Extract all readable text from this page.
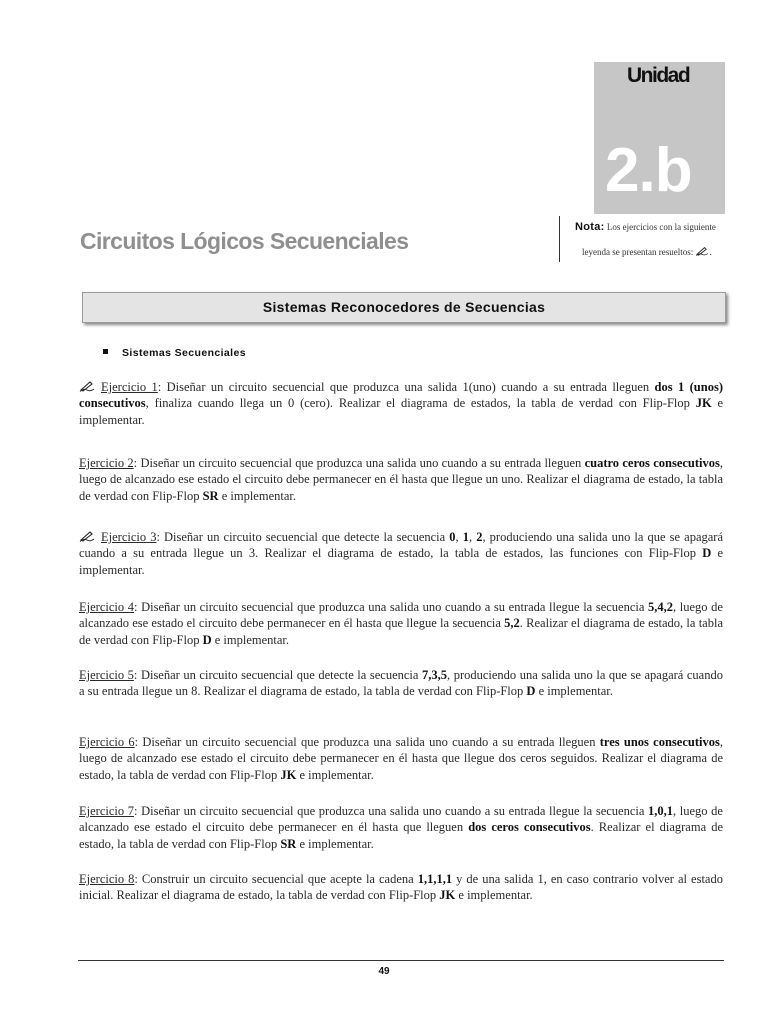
Unidad
2.b
Circuitos Lógicos Secuenciales
Nota: Los ejercicios con la siguiente
leyenda se presentan resueltos: .
Sistemas Reconocedores de Secuencias
Sistemas Secuenciales
Ejercicio 1: Diseñar un circuito secuencial que produzca una salida 1(uno) cuando a su entrada lleguen dos 1 (unos) consecutivos, finaliza cuando llega un 0 (cero). Realizar el diagrama de estados, la tabla de verdad con Flip-Flop JK e implementar.
Ejercicio 2: Diseñar un circuito secuencial que produzca una salida uno cuando a su entrada lleguen cuatro ceros consecutivos, luego de alcanzado ese estado el circuito debe permanecer en él hasta que llegue un uno. Realizar el diagrama de estado, la tabla de verdad con Flip-Flop SR e implementar.
Ejercicio 3: Diseñar un circuito secuencial que detecte la secuencia 0, 1, 2, produciendo una salida uno la que se apagará cuando a su entrada llegue un 3. Realizar el diagrama de estado, la tabla de estados, las funciones con Flip-Flop D e implementar.
Ejercicio 4: Diseñar un circuito secuencial que produzca una salida uno cuando a su entrada llegue la secuencia 5,4,2, luego de alcanzado ese estado el circuito debe permanecer en él hasta que llegue la secuencia 5,2. Realizar el diagrama de estado, la tabla de verdad con Flip-Flop D e implementar.
Ejercicio 5: Diseñar un circuito secuencial que detecte la secuencia 7,3,5, produciendo una salida uno la que se apagará cuando a su entrada llegue un 8. Realizar el diagrama de estado, la tabla de verdad con Flip-Flop D e implementar.
Ejercicio 6: Diseñar un circuito secuencial que produzca una salida uno cuando a su entrada lleguen tres unos consecutivos, luego de alcanzado ese estado el circuito debe permanecer en él hasta que llegue dos ceros seguidos. Realizar el diagrama de estado, la tabla de verdad con Flip-Flop JK e implementar.
Ejercicio 7: Diseñar un circuito secuencial que produzca una salida uno cuando a su entrada llegue la secuencia 1,0,1, luego de alcanzado ese estado el circuito debe permanecer en él hasta que lleguen dos ceros consecutivos. Realizar el diagrama de estado, la tabla de verdad con Flip-Flop SR e implementar.
Ejercicio 8: Construir un circuito secuencial que acepte la cadena 1,1,1,1 y de una salida 1, en caso contrario volver al estado inicial. Realizar el diagrama de estado, la tabla de verdad con Flip-Flop JK e implementar.
49
